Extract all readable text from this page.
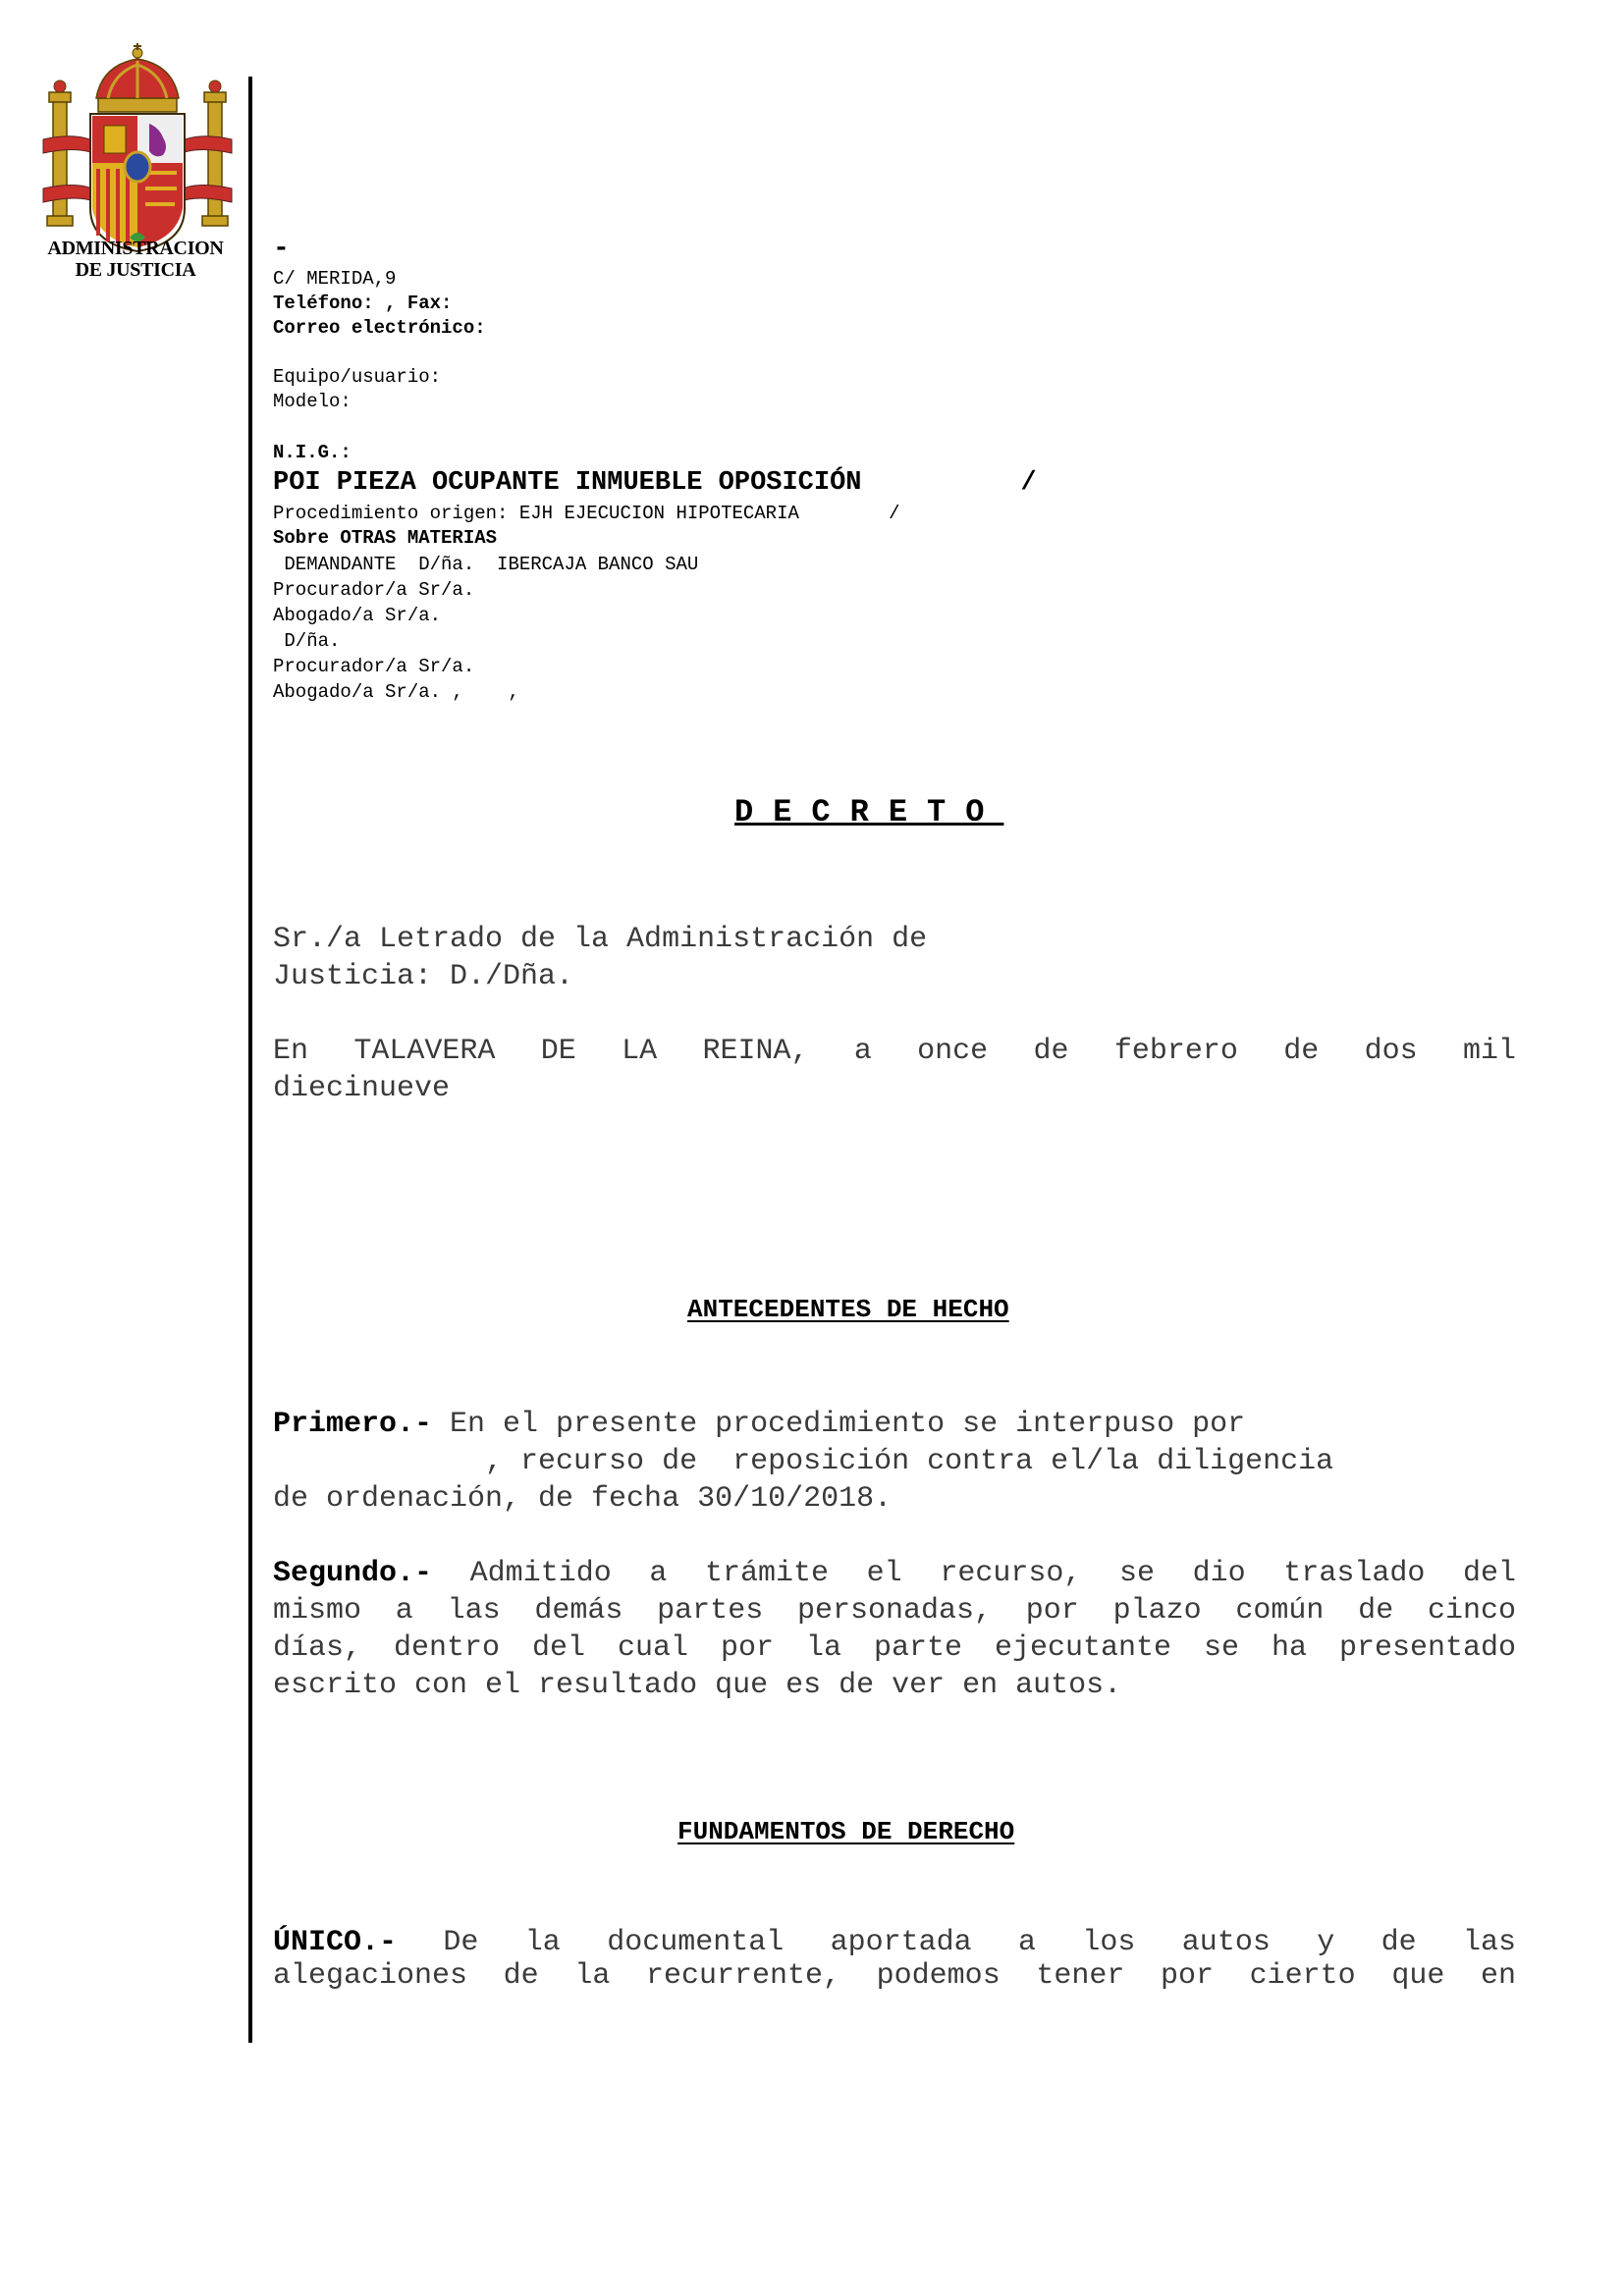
ADMINISTRACION
DE JUSTICIA
-
C/ MERIDA,9
Teléfono: , Fax:
Correo electrónico:
Equipo/usuario:
Modelo:
N.I.G.:
POI PIEZA OCUPANTE INMUEBLE OPOSICIÓN          /
Procedimiento origen: EJH EJECUCION HIPOTECARIA        /
Sobre OTRAS MATERIAS
DEMANDANTE  D/ña.  IBERCAJA BANCO SAU
Procurador/a Sr/a.
Abogado/a Sr/a.
D/ña.
Procurador/a Sr/a.
Abogado/a Sr/a. ,    ,
DECRETO
Sr./a Letrado de la Administración de
Justicia: D./Dña.
En TALAVERA DE LA REINA, a once de febrero de dos mil
diecinueve
ANTECEDENTES DE HECHO
Primero.- En el presente procedimiento se interpuso por
, recurso de  reposición contra el/la diligencia
de ordenación, de fecha 30/10/2018.
Segundo.- Admitido a trámite el recurso, se dio traslado del
mismo a las demás partes personadas, por plazo común de cinco
días, dentro del cual por la parte ejecutante se ha presentado
escrito con el resultado que es de ver en autos.
FUNDAMENTOS DE DERECHO
ÚNICO.- De la documental aportada a los autos y de las
alegaciones de la recurrente, podemos tener por cierto que en
